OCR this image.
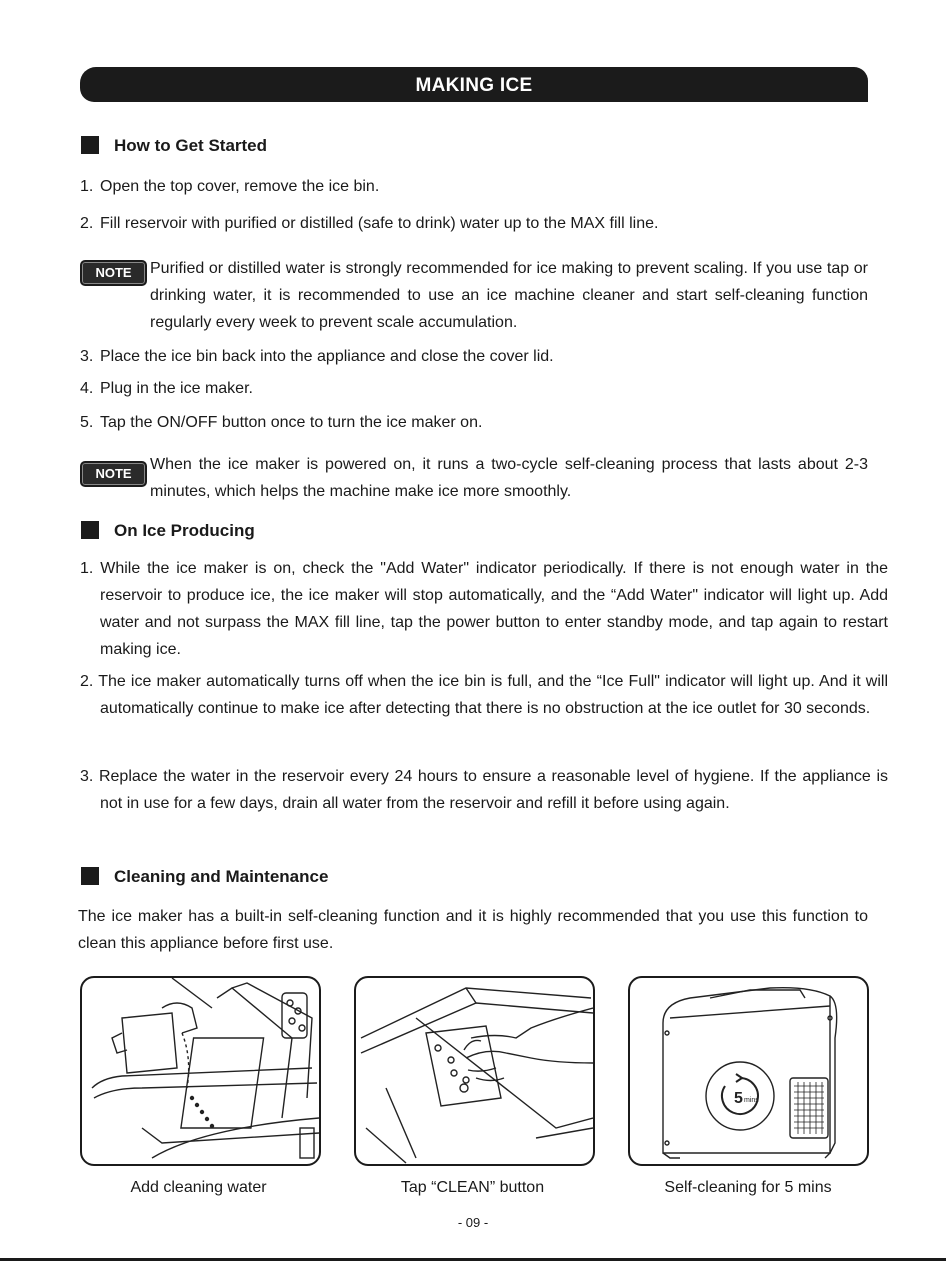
MAKING ICE
How to Get Started
1. Open the top cover, remove the ice bin.
2. Fill reservoir with purified or distilled (safe to drink) water up to the MAX fill line.
NOTE	Purified or distilled water is strongly recommended for ice making to prevent scaling. If you use tap or drinking water, it is recommended to use an ice machine cleaner and start self-cleaning function regularly every week to prevent scale accumulation.
3. Place the ice bin back into the appliance and close the cover lid.
4. Plug in the ice maker.
5. Tap the ON/OFF button once to turn the ice maker on.
NOTE
When the ice maker is powered on, it runs a two-cycle self-cleaning process that lasts about 2-3 minutes, which helps the machine make ice more smoothly.
On Ice Producing
1. While the ice maker is on, check the "Add Water" indicator periodically. If there is not enough water in the reservoir to produce ice, the ice maker will stop automatically, and the “Add Water" indicator will light up. Add water and not surpass the MAX fill line, tap the power button to enter standby mode, and tap again to restart making ice.
2. The ice maker automatically turns off when the ice bin is full, and the “Ice Full" indicator will light up. And it will automatically continue to make ice after detecting that there is no obstruction at the ice outlet for 30 seconds.
3. Replace the water in the reservoir every 24 hours to ensure a reasonable level of hygiene. If the appliance is not in use for a few days, drain all water from the reservoir and refill it before using again.
Cleaning and Maintenance
The ice maker has a built-in self-cleaning function and it is highly recommended that you use this function to clean this appliance before first use.
5 mins
Add cleaning water	Tap “CLEAN” button	Self-cleaning for 5 mins
- 09 -
